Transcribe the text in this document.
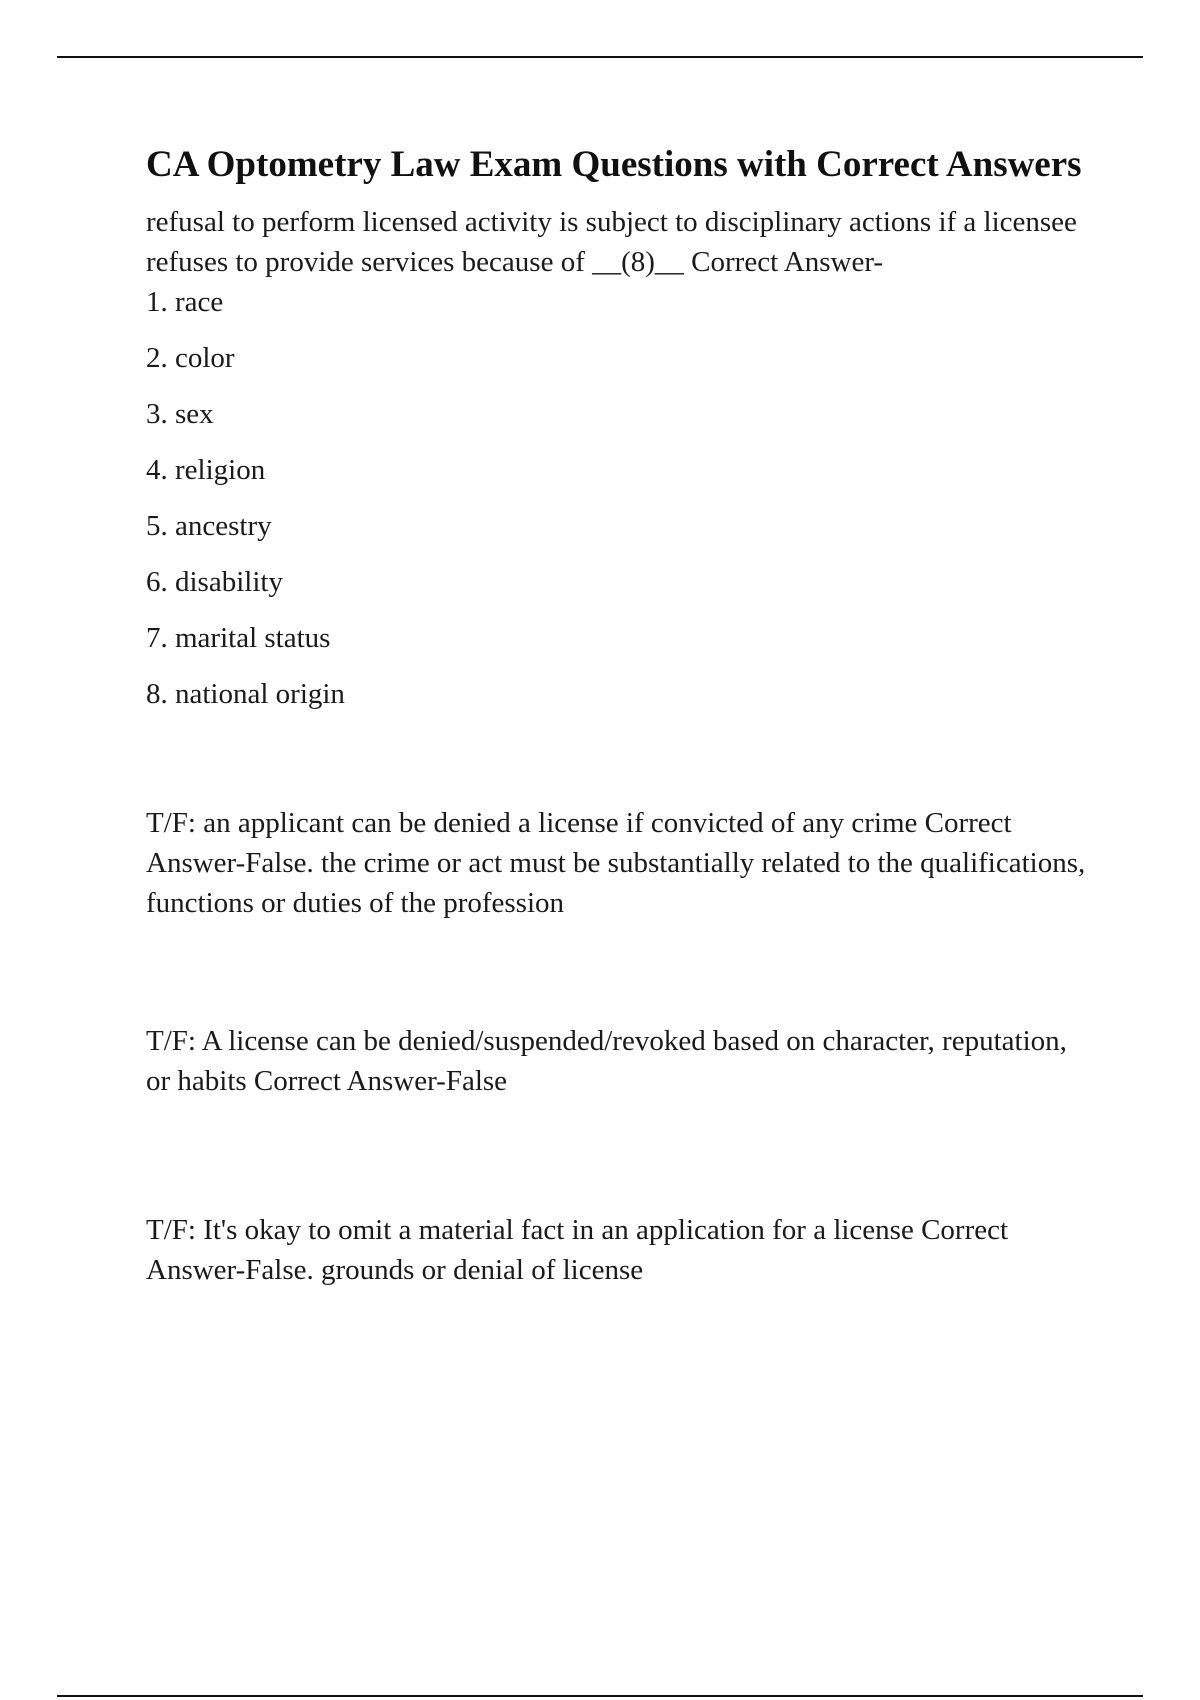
CA Optometry Law Exam Questions with Correct Answers

refusal to perform licensed activity is subject to disciplinary actions if a licensee refuses to provide services because of __(8)__ Correct Answer-

1. race

2. color

3. sex

4. religion

5. ancestry

6. disability

7. marital status

8. national origin

T/F: an applicant can be denied a license if convicted of any crime Correct Answer-False. the crime or act must be substantially related to the qualifications, functions or duties of the profession

T/F: A license can be denied/suspended/revoked based on character, reputation, or habits Correct Answer-False

T/F: It's okay to omit a material fact in an application for a license Correct Answer-False. grounds or denial of license
